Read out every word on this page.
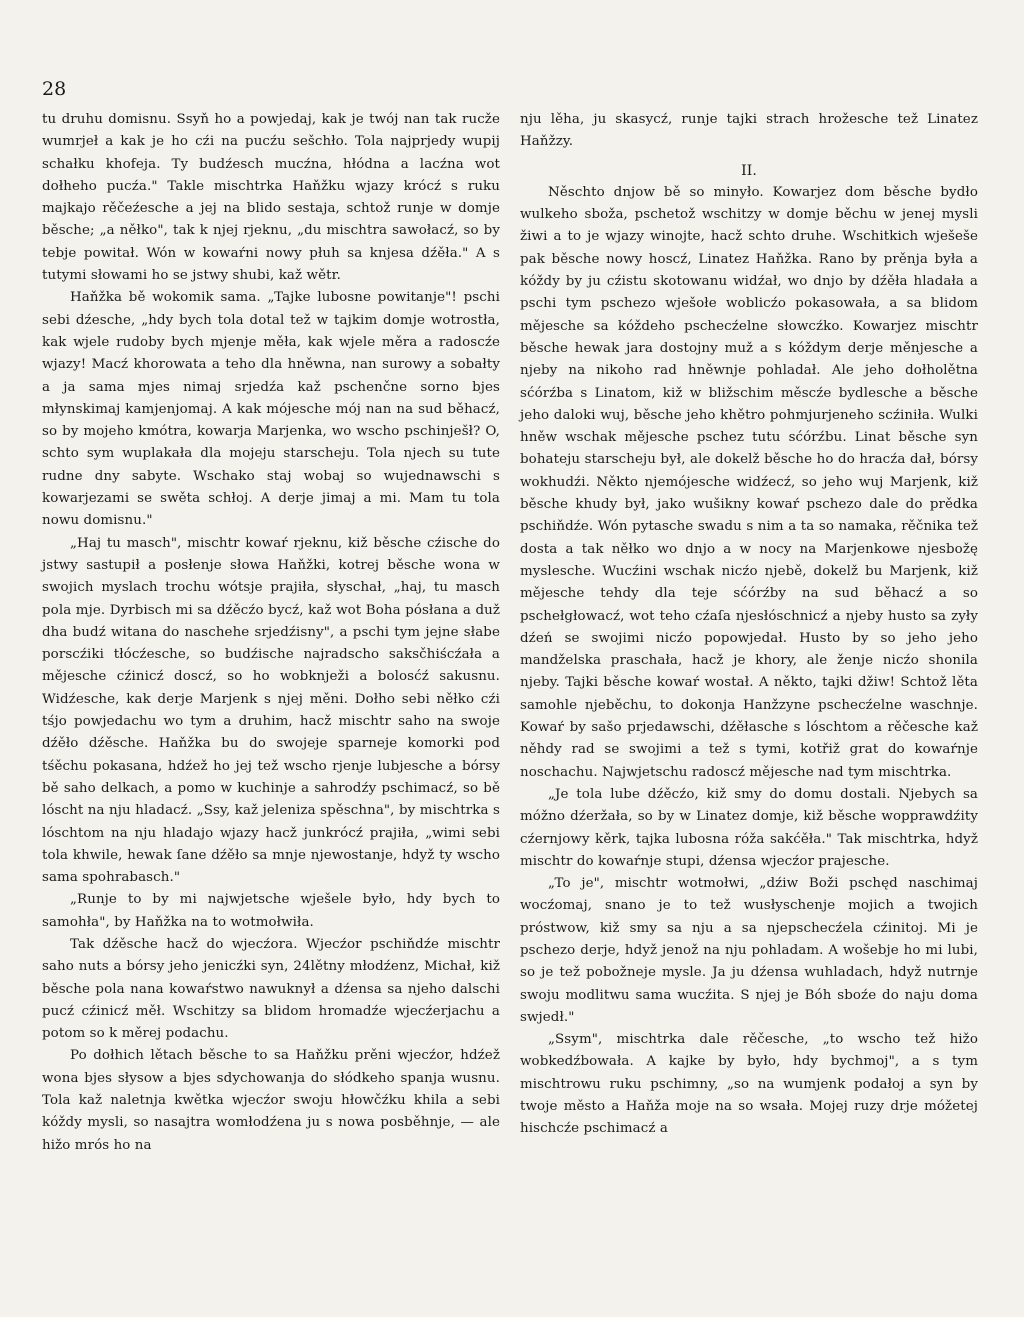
28

tu druhu domisnu. Ssyň ho a powjedaj, kak je twój nan tak rucže wumrjeł a kak je ho cźi na pucźu sešchło. Tola najprjedy wupij schałku khofeja. Ty budźesch mucźna, hłódna a lacźna wot dołheho pucźa." Takle mischtrka Haňžku wjazy krócź s ruku majkajo rěčeźesche a jej na blido sestaja, schtož runje w domje běsche; „a něłko", tak k njej rjeknu, „du mischtra sawołacź, so by tebje powitał. Wón w kowaŕni nowy płuh sa knjesa dźěła." A s tutymi słowami ho se jstwy shubi, kaž wětr.

Haňžka bě wokomik sama. „Tajke lubosne powitanje"! pschi sebi dźesche, „hdy bych tola dotal tež w tajkim domje wotrostła, kak wjele rudoby bych mjenje měła, kak wjele měra a radoscźe wjazy! Macź khorowata a teho dla hněwna, nan surowy a sobałty a ja sama mjes nimaj srjedźa kaž pschenčne sorno bjes młynskimaj kamjenjomaj. A kak mójesche mój nan na sud běhacź, so by mojeho kmótra, kowarja Marjenka, wo wscho pschinješł? O, schto sym wuplakała dla mojeju starscheju. Tola njech su tute rudne dny sabyte. Wschako staj wobaj so wujednawschi s kowarjezami se swěta schłoj. A derje jimaj a mi. Mam tu tola nowu domisnu."

„Haj tu masch", mischtr kowaŕ rjeknu, kiž běsche cźische do jstwy sastupił a posłenje słowa Haňžki, kotrej běsche wona w swojich myslach trochu wótsje prajiła, słyschał, „haj, tu masch pola mje. Dyrbisch mi sa dźěcźo bycź, kaž wot Boha pósłana a duž dha budź witana do naschehe srjedźisny", a pschi tym jejne słabe porscźiki tłócźesche, so budźische najradscho saksčhiścźała a mějesche cźinicź doscź, so ho wobknježi a bolosćź sakusnu. Widźesche, kak derje Marjenk s njej měni. Dołho sebi něłko cźi tśjo powjedachu wo tym a druhim, hacž mischtr saho na swoje dźěło dźěsche. Haňžka bu do swojeje sparneje komorki pod tśěchu pokasana, hdźež ho jej tež wscho rjenje lubjesche a bórsy bě saho delkach, a pomo w kuchinje a sahrodźy pschimacź, so bě lóscht na nju hladacź. „Ssy, kaž jeleniza spěschna", by mischtrka s lóschtom na nju hladajo wjazy hacž junkrócź prajiła, „wimi sebi tola khwile, hewak ſane dźěło sa mnje njewostanje, hdyž ty wscho sama spohrabasch."

„Runje to by mi najwjetsche wješele było, hdy bych to samohła", by Haňžka na to wotmołwiła.

Tak dźěsche hacž do wjecźora. Wjecźor pschiňdźe mischtr saho nuts a bórsy jeho jenicźki syn, 24lětny młodźenz, Michał, kiž běsche pola nana kowaŕstwo nawuknył a dźensa sa njeho dalschi pucź cźinicź měł. Wschitzy sa blidom hromadźe wjecźerjachu a potom so k měrej podachu.

Po dołhich lětach běsche to sa Haňžku prěni wjecźor, hdźež wona bjes słysow a bjes sdychowanja do słódkeho spanja wusnu. Tola kaž naletnja kwětka wjecźor swoju hłowčźku khila a sebi kóždy mysli, so nasajtra womłodźena ju s nowa posběhnje, — ale hižo mrós ho na

nju lěha, ju skasycź, runje tajki strach hrožesche tež Linatez Haňžzy.

II.

Něschto dnjow bě so minyło. Kowarjez dom běsche bydło wulkeho sboža, pschetož wschitzy w domje běchu w jenej mysli žiwi a to je wjazy winojte, hacž schto druhe. Wschitkich wješeše pak běsche nowy hoscź, Linatez Haňžka. Rano by prěnja była a kóždy by ju cźistu skotowanu widźał, wo dnjo by dźěła hladała a pschi tym pschezo wješołe woblicźo pokasowała, a sa blidom mějesche sa kóždeho pschecźelne słowcźko. Kowarjez mischtr běsche hewak jara dostojny muž a s kóždym derje měnjesche a njeby na nikoho rad hněwnje pohladał. Ale jeho dołholětna sćórźba s Linatom, kiž w bližschim měscźe bydlesche a běsche jeho daloki wuj, běsche jeho khětro pohmjurjeneho scźiniła. Wulki hněw wschak mějesche pschez tutu sćórźbu. Linat běsche syn bohateju starscheju był, ale dokelž běsche ho do hracźa dał, bórsy wokhudźi. Někto njemójesche widźecź, so jeho wuj Marjenk, kiž běsche khudy był, jako wušikny kowaŕ pschezo dale do prědka pschiňdźe. Wón pytasche swadu s nim a ta so namaka, rěčnika tež dosta a tak něłko wo dnjo a w nocy na Marjenkowe njesbožę myslesche. Wucźini wschak nicźo njebě, dokelž bu Marjenk, kiž mějesche tehdy dla teje sćórźby na sud běhacź a so pschełgłowacź, wot teho cźaſa njesłóschnicź a njeby husto sa zyły dźeń se swojimi nicźo popowjedał. Husto by so jeho jeho mandželska praschała, hacž je khory, ale ženje nicźo shonila njeby. Tajki běsche kowaŕ wostał. A někto, tajki džiw! Schtož lěta samohle njeběchu, to dokonja Hanžzyne pschecźelne waschnje. Kowaŕ by sašo prjedawschi, dźěłasche s lóschtom a rěčesche kaž něhdy rad se swojimi a tež s tymi, kotřiž grat do kowaŕnje noschachu. Najwjetschu radoscź mějesche nad tym mischtrka.

„Je tola lube dźěcźo, kiž smy do domu dostali. Njebych sa móžno dźeržała, so by w Linatez domje, kiž běsche wopprawdźity cźernjowy kěrk, tajka lubosna róža sakćěła." Tak mischtrka, hdyž mischtr do kowaŕnje stupi, dźensa wjecźor prajesche.

„To je", mischtr wotmołwi, „dźiw Boži pschęd naschimaj wocźomaj, snano je to tež wusłyschenje mojich a twojich próstwow, kiž smy sa nju a sa njepschecźela cźinitoj. Mi je pschezo derje, hdyž jenož na nju pohladam. A wošebje ho mi lubi, so je tež pobožneje mysle. Ja ju dźensa wuhladach, hdyž nutrnje swoju modlitwu sama wucźita. S njej je Bóh sboźe do naju doma swjedł."

„Ssym", mischtrka dale rěčesche, „to wscho tež hižo wobkedźbowała. A kajke by było, hdy bychmoj", a s tym mischtrowu ruku pschimny, „so na wumjenk podałoj a syn by twoje město a Haňža moje na so wsała. Mojej ruzy drje móžetej hischcźe pschimacź a
